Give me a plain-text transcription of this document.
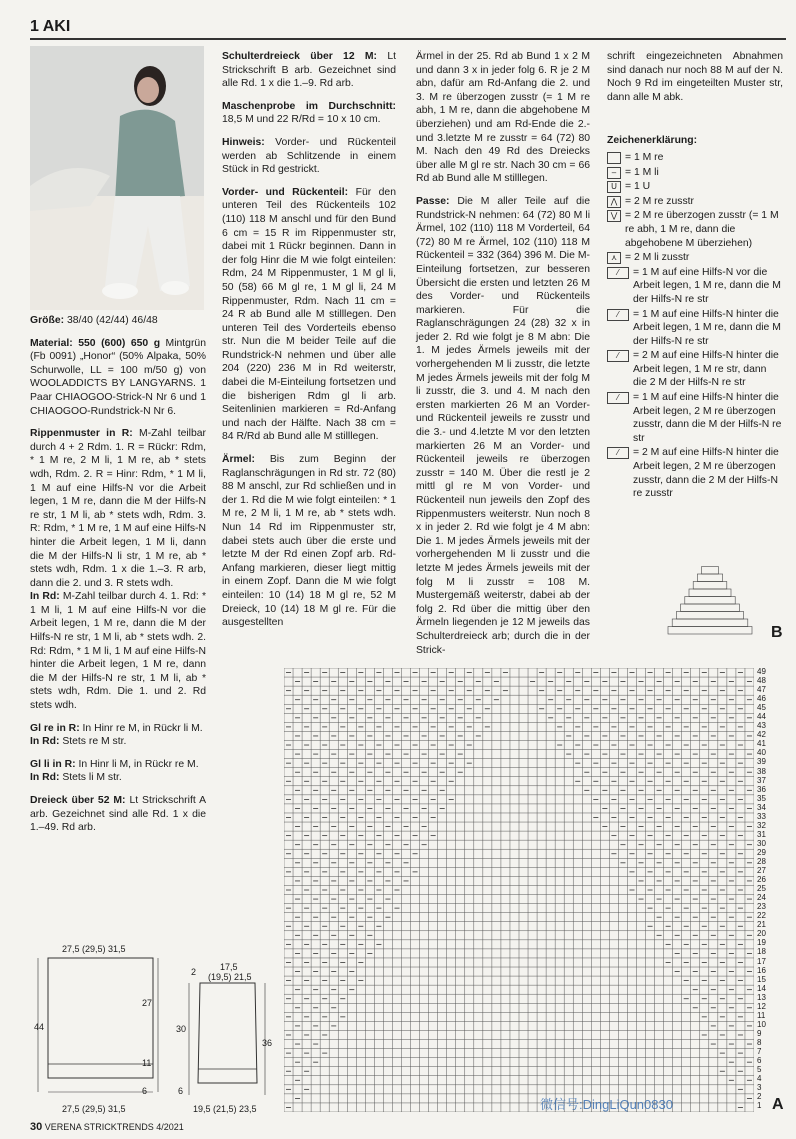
1 AKI

Größe: 38/40 (42/44) 46/48

Material: 550 (600) 650 g Mintgrün (Fb 0091) „Honor“ (50% Alpaka, 50% Schurwolle, LL = 100 m/50 g) von WOOLADDICTS BY LANGYARNS. 1 Paar CHIAOGOO-Strick-N Nr 6 und 1 CHIAOGOO-Rundstrick-N Nr 6.

Rippenmuster in R: M-Zahl teilbar durch 4 + 2 Rdm. 1. R = Rückr: Rdm, * 1 M re, 2 M li, 1 M re, ab * stets wdh, Rdm. 2. R = Hinr: Rdm, * 1 M li, 1 M auf eine Hilfs-N vor die Arbeit legen, 1 M re, dann die M der Hilfs-N re str, 1 M li, ab * stets wdh, Rdm. 3. R: Rdm, * 1 M re, 1 M auf eine Hilfs-N hinter die Arbeit legen, 1 M li, dann die M der Hilfs-N li str, 1 M re, ab * stets wdh, Rdm. 1 x die 1.–3. R arb, dann die 2. und 3. R stets wdh.
In Rd: M-Zahl teilbar durch 4. 1. Rd: * 1 M li, 1 M auf eine Hilfs-N vor die Arbeit legen, 1 M re, dann die M der Hilfs-N re str, 1 M li, ab * stets wdh. 2. Rd: Rdm, * 1 M li, 1 M auf eine Hilfs-N hinter die Arbeit legen, 1 M re, dann die M der Hilfs-N re str, 1 M li, ab * stets wdh, Rdm. Die 1. und 2. Rd stets wdh.

Gl re in R: In Hinr re M, in Rückr li M.
In Rd: Stets re M str.

Gl li in R: In Hinr li M, in Rückr re M.
In Rd: Stets li M str.

Dreieck über 52 M: Lt Strickschrift A arb. Gezeichnet sind alle Rd. 1 x die 1.–49. Rd arb.

Schulterdreieck über 12 M: Lt Strickschrift B arb. Gezeichnet sind alle Rd. 1 x die 1.–9. Rd arb.

Maschenprobe im Durchschnitt: 18,5 M und 22 R/Rd = 10 x 10 cm.

Hinweis: Vorder- und Rückenteil werden ab Schlitzende in einem Stück in Rd gestrickt.

Vorder- und Rückenteil: Für den unteren Teil des Rückenteils 102 (110) 118 M anschl und für den Bund 6 cm = 15 R im Rippenmuster str, dabei mit 1 Rückr beginnen. Dann in der folg Hinr die M wie folgt einteilen: Rdm, 24 M Rippenmuster, 1 M gl li, 50 (58) 66 M gl re, 1 M gl li, 24 M Rippenmuster, Rdm. Nach 11 cm = 24 R ab Bund alle M stilllegen. Den unteren Teil des Vorderteils ebenso str. Nun die M beider Teile auf die Rundstrick-N nehmen und über alle 204 (220) 236 M in Rd weiterstr, dabei die M-Einteilung fortsetzen und die bisherigen Rdm gl li arb. Seitenlinien markieren = Rd-Anfang und nach der Hälfte. Nach 38 cm = 84 R/Rd ab Bund alle M stilllegen.

Ärmel: Bis zum Beginn der Raglanschrägungen in Rd str. 72 (80) 88 M anschl, zur Rd schließen und in der 1. Rd die M wie folgt einteilen: * 1 M re, 2 M li, 1 M re, ab * stets wdh. Nun 14 Rd im Rippenmuster str, dabei stets auch über die erste und letzte M der Rd einen Zopf arb. Rd-Anfang markieren, dieser liegt mittig in einem Zopf. Dann die M wie folgt einteilen: 10 (14) 18 M gl re, 52 M Dreieck, 10 (14) 18 M gl re. Für die ausgestellten

Ärmel in der 25. Rd ab Bund 1 x 2 M und dann 3 x in jeder folg 6. R je 2 M abn, dafür am Rd-Anfang die 2. und 3. M re überzogen zusstr (= 1 M re abh, 1 M re, dann die abgehobene M überziehen) und am Rd-Ende die 2.- und 3.letzte M re zusstr = 64 (72) 80 M. Nach den 49 Rd des Dreiecks über alle M gl re str. Nach 30 cm = 66 Rd ab Bund alle M stilllegen.

Passe: Die M aller Teile auf die Rundstrick-N nehmen: 64 (72) 80 M li Ärmel, 102 (110) 118 M Vorderteil, 64 (72) 80 M re Ärmel, 102 (110) 118 M Rückenteil = 332 (364) 396 M. Die M-Einteilung fortsetzen, zur besseren Übersicht die ersten und letzten 26 M des Vorder- und Rückenteils markieren. Für die Raglanschrägungen 24 (28) 32 x in jeder 2. Rd wie folgt je 8 M abn: Die 1. M jedes Ärmels jeweils mit der vorhergehenden M li zusstr, die letzte M jedes Ärmels jeweils mit der folg M li zusstr, die 3. und 4. M nach den ersten markierten 26 M an Vorder- und Rückenteil jeweils re zusstr und die 3.- und 4.letzte M vor den letzten markierten 26 M an Vorder- und Rückenteil jeweils re überzogen zusstr = 140 M. Über die restl je 2 mittl gl re M von Vorder- und Rückenteil nun jeweils den Zopf des Rippenmusters weiterstr. Nun noch 8 x in jeder 2. Rd wie folgt je 4 M abn: Die 1. M jedes Ärmels jeweils mit der vorhergehenden M li zusstr und die letzte M jedes Ärmels jeweils mit der folg M li zusstr = 108 M. Mustergemäß weiterstr, dabei ab der folg 2. Rd über die mittig über den Ärmeln liegenden je 12 M jeweils das Schulterdreieck arb; durch die in der Strick-

schrift eingezeichneten Abnahmen sind danach nur noch 88 M auf der N. Noch 9 Rd im eingeteilten Muster str, dann alle M abk.

Zeichenerklärung:
= 1 M re
– = 1 M li
U = 1 U
⋀ = 2 M re zusstr
⋁ = 2 M re überzogen zusstr (= 1 M re abh, 1 M re, dann die abgehobene M überziehen)
⋏ = 2 M li zusstr
⁄	= 1 M auf eine Hilfs-N vor die Arbeit legen, 1 M re, dann die M der Hilfs-N re str
⁄	= 1 M auf eine Hilfs-N hinter die Arbeit legen, 1 M re, dann die M der Hilfs-N re str
⁄	= 2 M auf eine Hilfs-N hinter die Arbeit legen, 1 M re str, dann die 2 M der Hilfs-N re str
⁄	= 1 M auf eine Hilfs-N hinter die Arbeit legen, 2 M re überzogen zusstr, dann die M der Hilfs-N re str
⁄	= 2 M auf eine Hilfs-N hinter die Arbeit legen, 2 M re überzogen zusstr, dann die 2 M der Hilfs-N re zusstr
B
49
48
47
46
45
44
43
42
41
40
39
38
37
36
35
34
33
32
31
30
29
28
27
26
25
24
23
22
21
20
19
18
17
16
15
14
13
12
11
10
9
8
7
6
5
4
3
2
1 A
27,5 (29,5) 31,5
27,5 (29,5) 31,5
44
27
11
6
2	17,5
(19,5) 21,5
19,5 (21,5) 23,5
30
36
6
微信号:DingLiQun0830
30 VERENA STRICKTRENDS 4/2021
